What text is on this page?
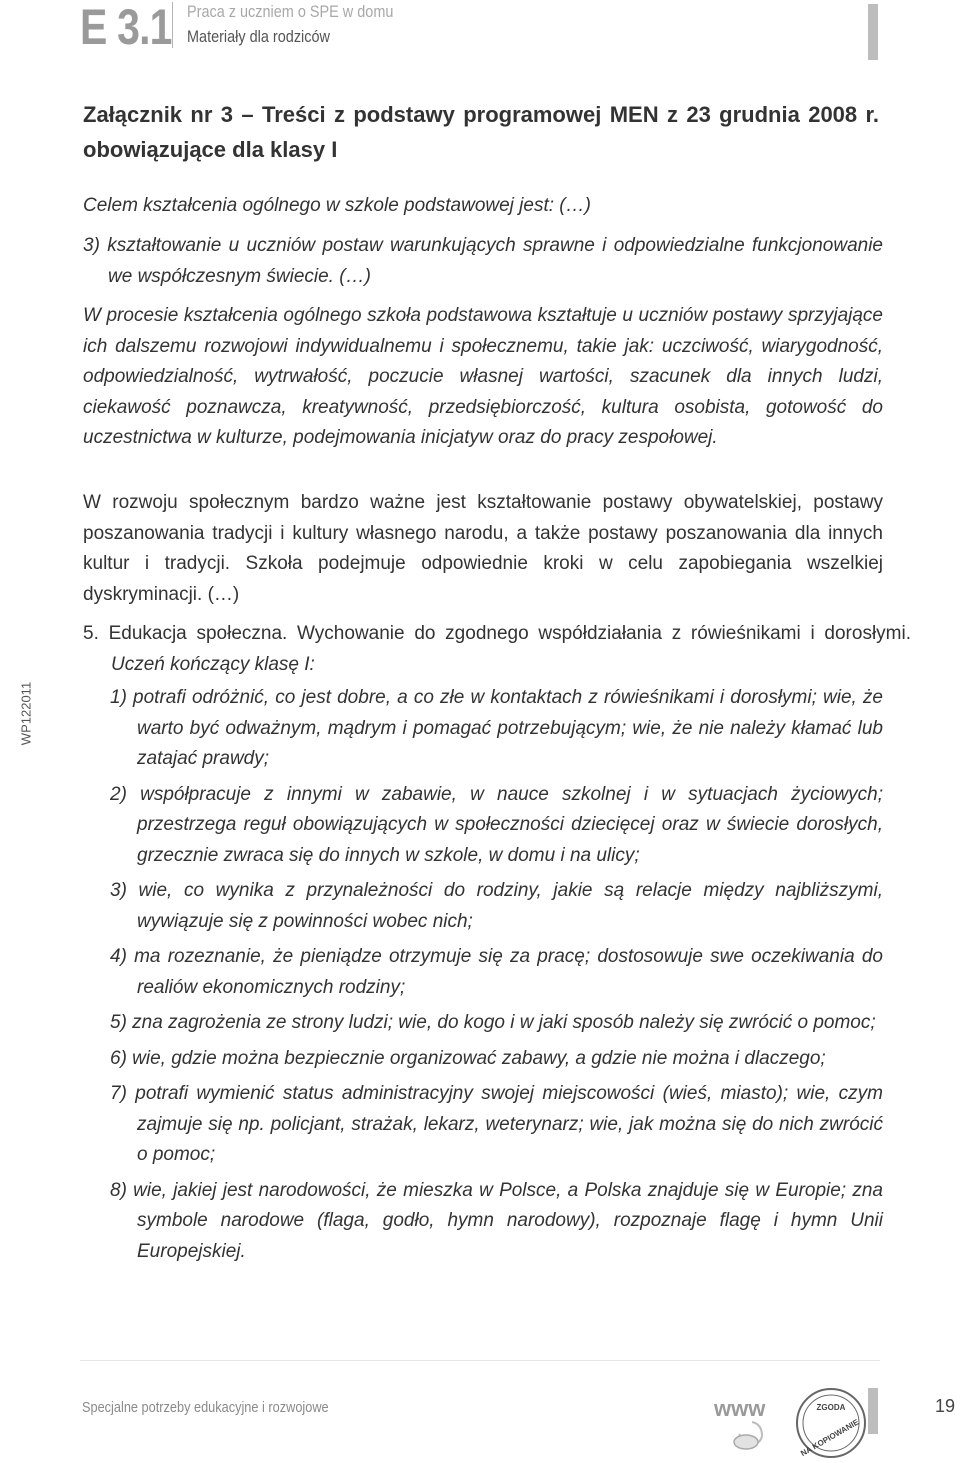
E 3.1 Praca z uczniem o SPE w domu
Materiały dla rodziców
WP122011
Załącznik nr 3 – Treści z podstawy programowej MEN z 23 grudnia 2008 r. obowiązujące dla klasy I
Celem kształcenia ogólnego w szkole podstawowej jest: (…)
3) kształtowanie u uczniów postaw warunkujących sprawne i odpowiedzialne funkcjonowanie we współczesnym świecie. (…)
W procesie kształcenia ogólnego szkoła podstawowa kształtuje u uczniów postawy sprzyjające ich dalszemu rozwojowi indywidualnemu i społecznemu, takie jak: uczciwość, wiarygodność, odpowiedzialność, wytrwałość, poczucie własnej wartości, szacunek dla innych ludzi, ciekawość poznawcza, kreatywność, przedsiębiorczość, kultura osobista, gotowość do uczestnictwa w kulturze, podejmowania inicjatyw oraz do pracy zespołowej.
W rozwoju społecznym bardzo ważne jest kształtowanie postawy obywatelskiej, postawy poszanowania tradycji i kultury własnego narodu, a także postawy poszanowania dla innych kultur i tradycji. Szkoła podejmuje odpowiednie kroki w celu zapobiegania wszelkiej dyskryminacji. (…)
5. Edukacja społeczna. Wychowanie do zgodnego współdziałania z rówieśnikami i dorosłymi. Uczeń kończący klasę I:
1) potrafi odróżnić, co jest dobre, a co złe w kontaktach z rówieśnikami i dorosłymi; wie, że warto być odważnym, mądrym i pomagać potrzebującym; wie, że nie należy kłamać lub zatajać prawdy;
2) współpracuje z innymi w zabawie, w nauce szkolnej i w sytuacjach życiowych; przestrzega reguł obowiązujących w społeczności dziecięcej oraz w świecie dorosłych, grzecznie zwraca się do innych w szkole, w domu i na ulicy;
3) wie, co wynika z przynależności do rodziny, jakie są relacje między najbliższymi, wywiązuje się z powinności wobec nich;
4) ma rozeznanie, że pieniądze otrzymuje się za pracę; dostosowuje swe oczekiwania do realiów ekonomicznych rodziny;
5) zna zagrożenia ze strony ludzi; wie, do kogo i w jaki sposób należy się zwrócić o pomoc;
6) wie, gdzie można bezpiecznie organizować zabawy, a gdzie nie można i dlaczego;
7) potrafi wymienić status administracyjny swojej miejscowości (wieś, miasto); wie, czym zajmuje się np. policjant, strażak, lekarz, weterynarz; wie, jak można się do nich zwrócić o pomoc;
8) wie, jakiej jest narodowości, że mieszka w Polsce, a Polska znajduje się w Europie; zna symbole narodowe (flaga, godło, hymn narodowy), rozpoznaje flagę i hymn Unii Europejskiej.
Specjalne potrzeby edukacyjne i rozwojowe	www	ZGODA
NA KOPIOWANIE
19
